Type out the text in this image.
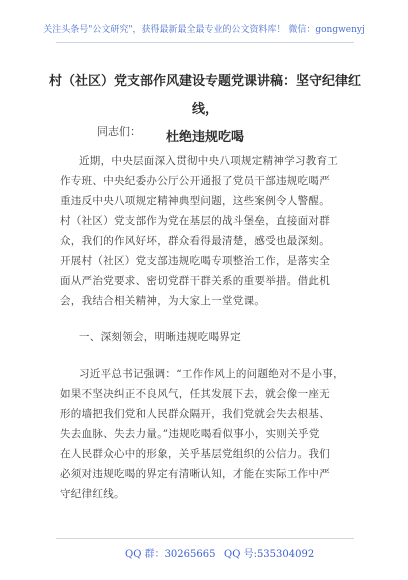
关注头条号"公文研究"，获得最新最全最专业的公文资料库！ 微信：gongwenyj
村（社区）党支部作风建设专题党课讲稿：坚守纪律红线，
杜绝违规吃喝
同志们：
近期，中央层面深入贯彻中央八项规定精神学习教育工
作专班、中央纪委办公厅公开通报了党员干部违规吃喝严
重违反中央八项规定精神典型问题，这些案例令人警醒。
村（社区）党支部作为党在基层的战斗堡垒，直接面对群
众，我们的作风好坏，群众看得最清楚，感受也最深刻。
开展村（社区）党支部违规吃喝专项整治工作，是落实全
面从严治党要求、密切党群干群关系的重要举措。借此机
会，我结合相关精神，为大家上一堂党课。
一、深刻领会，明晰违规吃喝界定
习近平总书记强调：“工作作风上的问题绝对不是小事，
如果不坚决纠正不良风气，任其发展下去，就会像一座无
形的墙把我们党和人民群众隔开，我们党就会失去根基、
失去血脉、失去力量。”违规吃喝看似事小，实则关乎党
在人民群众心中的形象，关乎基层党组织的公信力。我们
必须对违规吃喝的界定有清晰认知，才能在实际工作中严
守纪律红线。
QQ 群：30265665 QQ 号:535304092
